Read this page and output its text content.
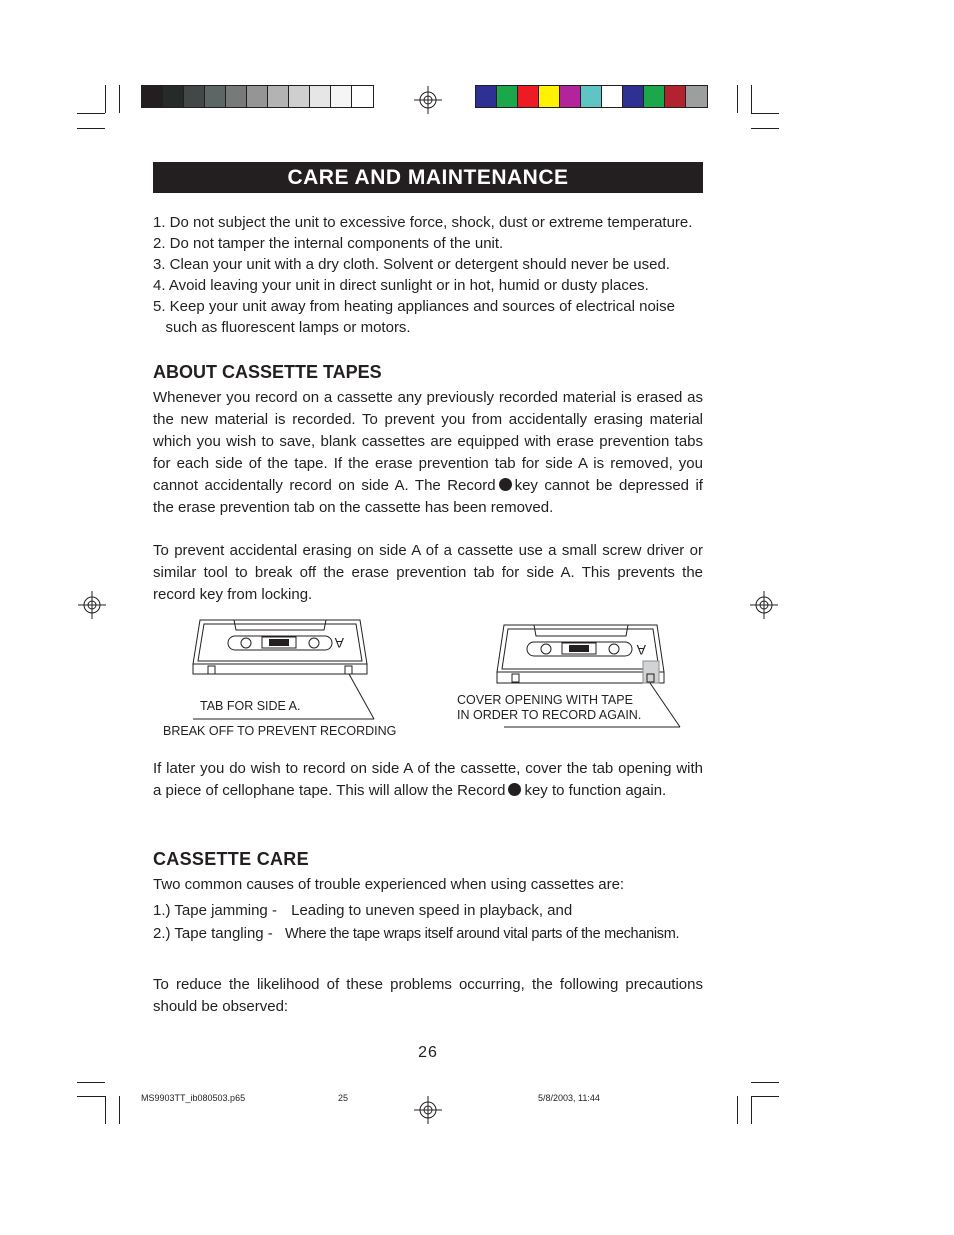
CARE AND MAINTENANCE
1. Do not subject the unit to excessive force, shock, dust or extreme temperature.
2. Do not tamper the internal components of the unit.
3. Clean your unit with a dry cloth. Solvent or detergent should never be used.
4. Avoid leaving your unit in direct sunlight or in hot, humid or dusty places.
5. Keep your unit away from heating appliances and sources of electrical noise
such as fluorescent lamps or motors.
ABOUT CASSETTE TAPES
Whenever you record on a cassette any previously recorded material is erased as
the new material is recorded. To prevent you from accidentally erasing material
which you wish to save, blank cassettes are equipped with erase prevention tabs
for each side of the tape. If the erase prevention tab for side A is removed, you
cannot accidentally record on side A. The Record key cannot be depressed if
the erase prevention tab on the cassette has been removed.
To prevent accidental erasing on side A of a cassette use a small screw driver or
similar tool to break off the erase prevention tab for side A. This prevents the
record key from locking.
A
TAB FOR SIDE A.
BREAK OFF TO PREVENT RECORDING
A
COVER OPENING WITH TAPE
IN ORDER TO RECORD AGAIN.
If later you do wish to record on side A of the cassette, cover the tab opening with
a piece of cellophane tape. This will allow the Record key to function again.
CASSETTE CARE
Two common causes of trouble experienced when using cassettes are:
1.) Tape jamming - Leading to uneven speed in playback, and
2.) Tape tangling - Where the tape wraps itself around vital parts of the mechanism.
To reduce the likelihood of these problems occurring, the following precautions
should be observed:
26
MS9903TT_ib080503.p65	25	5/8/2003, 11:44
